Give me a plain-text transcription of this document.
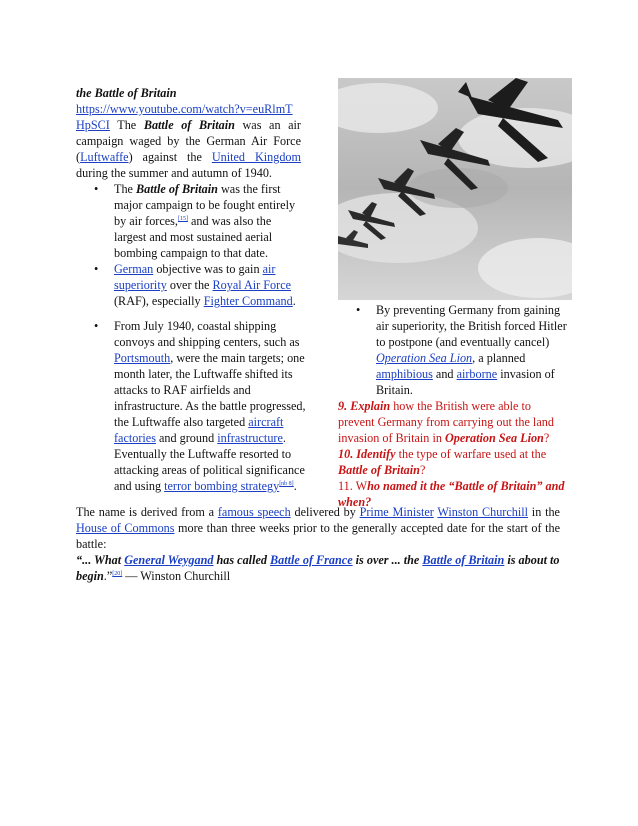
the Battle of Britain
https://www.youtube.com/watch?v=euRlmTHpSCI The Battle of Britain was an air campaign waged by the German Air Force (Luftwaffe) against the United Kingdom during the summer and autumn of 1940.

• The Battle of Britain was the first major campaign to be fought entirely by air forces,[15] and was also the largest and most sustained aerial bombing campaign to that date.
• German objective was to gain air superiority over the Royal Air Force (RAF), especially Fighter Command.
• From July 1940, coastal shipping convoys and shipping centers, such as Portsmouth, were the main targets; one month later, the Luftwaffe shifted its attacks to RAF airfields and infrastructure. As the battle progressed, the Luftwaffe also targeted aircraft factories and ground infrastructure. Eventually the Luftwaffe resorted to attacking areas of political significance and using terror bombing strategy[nb 8].
• By preventing Germany from gaining air superiority, the British forced Hitler to postpone (and eventually cancel) Operation Sea Lion, a planned amphibious and airborne invasion of Britain.
9. Explain how the British were able to prevent Germany from carrying out the land invasion of Britain in Operation Sea Lion?
10. Identify the type of warfare used at the Battle of Britain?
11. Who named it the “Battle of Britain” and when?

The name is derived from a famous speech delivered by Prime Minister Winston Churchill in the House of Commons more than three weeks prior to the generally accepted date for the start of the battle:

“... What General Weygand has called Battle of France is over ... the Battle of Britain is about to begin.”[20] — Winston Churchill
